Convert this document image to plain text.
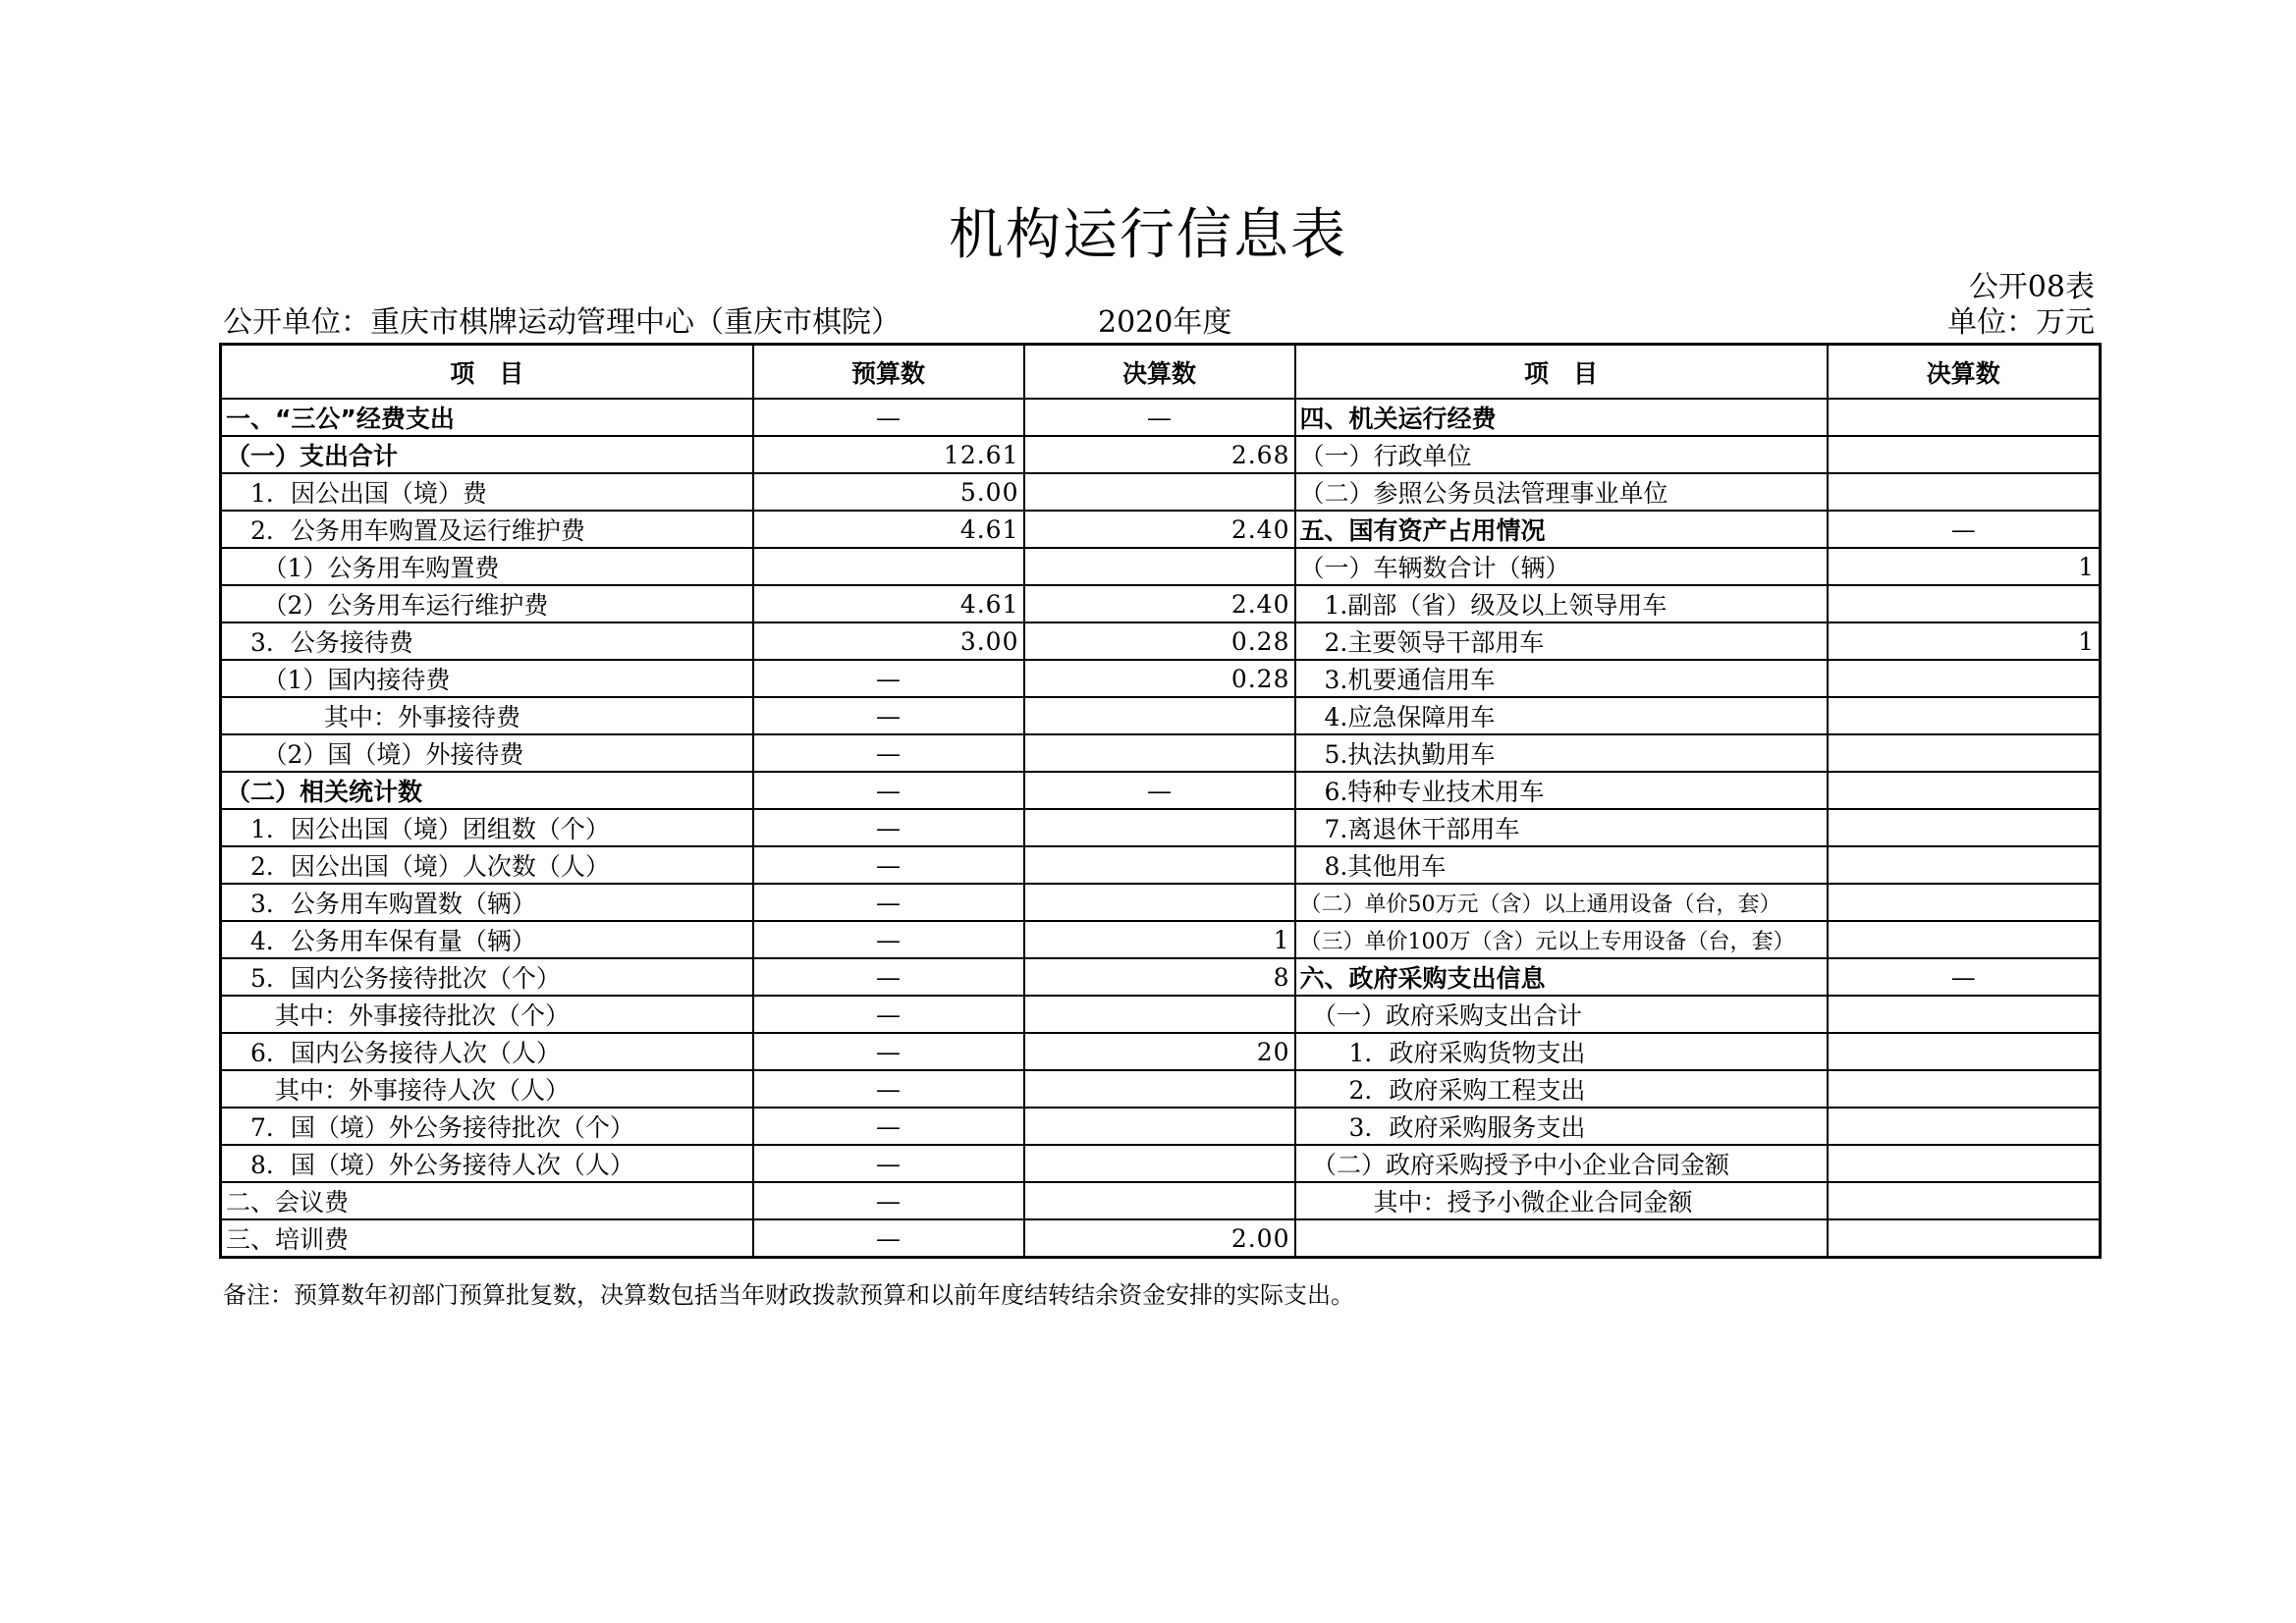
机构运行信息表
公开08表
公开单位：重庆市棋牌运动管理中心（重庆市棋院）	2020年度	单位：万元
项　目	预算数	决算数	项　目	决算数
一、“三公”经费支出	—	—	四、机关运行经费	
（一）支出合计	12.61	2.68	（一）行政单位	
　1．因公出国（境）费	5.00		（二）参照公务员法管理事业单位	
　2．公务用车购置及运行维护费	4.61	2.40	五、国有资产占用情况	—
　　（1）公务用车购置费			（一）车辆数合计（辆）	1
　　（2）公务用车运行维护费	4.61	2.40	　1.副部（省）级及以上领导用车	
　3．公务接待费	3.00	0.28	　2.主要领导干部用车	1
　　（1）国内接待费	—	0.28	　3.机要通信用车	
　　　　其中：外事接待费	—		　4.应急保障用车	
　　（2）国（境）外接待费	—		　5.执法执勤用车	
（二）相关统计数	—	—	　6.特种专业技术用车	
　1．因公出国（境）团组数（个）	—		　7.离退休干部用车	
　2．因公出国（境）人次数（人）	—		　8.其他用车	
　3．公务用车购置数（辆）	—		（二）单价50万元（含）以上通用设备（台，套）	
　4．公务用车保有量（辆）	—	1	（三）单价100万（含）元以上专用设备（台，套）	
　5．国内公务接待批次（个）	—	8	六、政府采购支出信息	—
　　其中：外事接待批次（个）	—		　（一）政府采购支出合计	
　6．国内公务接待人次（人）	—	20	　　1．政府采购货物支出	
　　其中：外事接待人次（人）	—		　　2．政府采购工程支出	
　7．国（境）外公务接待批次（个）	—		　　3．政府采购服务支出	
　8．国（境）外公务接待人次（人）	—		　（二）政府采购授予中小企业合同金额	
二、会议费	—		　　　其中：授予小微企业合同金额	
三、培训费	—	2.00		
备注：预算数年初部门预算批复数，决算数包括当年财政拨款预算和以前年度结转结余资金安排的实际支出。
